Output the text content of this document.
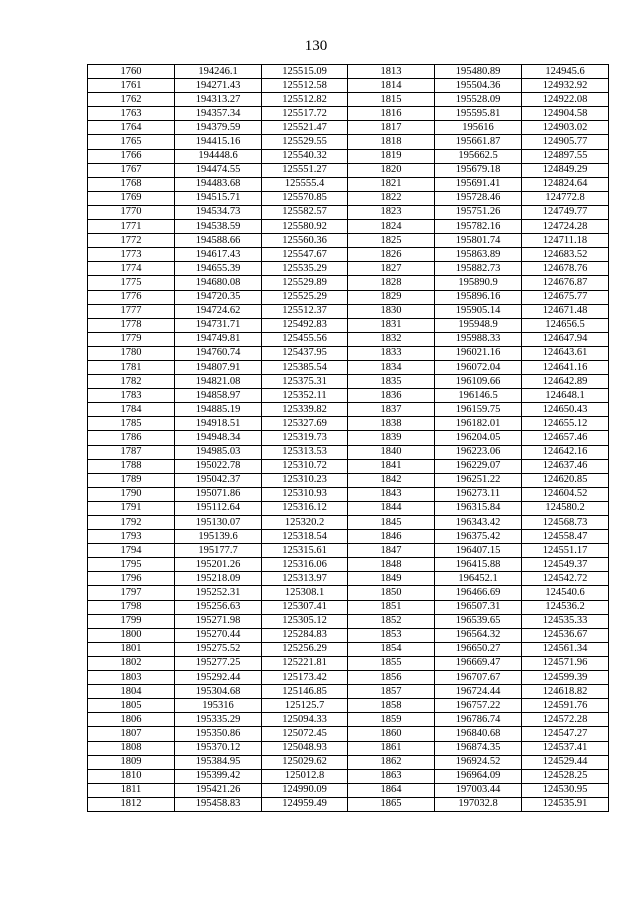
130
1760	194246.1	125515.09	1813	195480.89	124945.6
1761	194271.43	125512.58	1814	195504.36	124932.92
1762	194313.27	125512.82	1815	195528.09	124922.08
1763	194357.34	125517.72	1816	195595.81	124904.58
1764	194379.59	125521.47	1817	195616	124903.02
1765	194415.16	125529.55	1818	195661.87	124905.77
1766	194448.6	125540.32	1819	195662.5	124897.55
1767	194474.55	125551.27	1820	195679.18	124849.29
1768	194483.68	125555.4	1821	195691.41	124824.64
1769	194515.71	125570.85	1822	195728.46	124772.8
1770	194534.73	125582.57	1823	195751.26	124749.77
1771	194538.59	125580.92	1824	195782.16	124724.28
1772	194588.66	125560.36	1825	195801.74	124711.18
1773	194617.43	125547.67	1826	195863.89	124683.52
1774	194655.39	125535.29	1827	195882.73	124678.76
1775	194680.08	125529.89	1828	195890.9	124676.87
1776	194720.35	125525.29	1829	195896.16	124675.77
1777	194724.62	125512.37	1830	195905.14	124671.48
1778	194731.71	125492.83	1831	195948.9	124656.5
1779	194749.81	125455.56	1832	195988.33	124647.94
1780	194760.74	125437.95	1833	196021.16	124643.61
1781	194807.91	125385.54	1834	196072.04	124641.16
1782	194821.08	125375.31	1835	196109.66	124642.89
1783	194858.97	125352.11	1836	196146.5	124648.1
1784	194885.19	125339.82	1837	196159.75	124650.43
1785	194918.51	125327.69	1838	196182.01	124655.12
1786	194948.34	125319.73	1839	196204.05	124657.46
1787	194985.03	125313.53	1840	196223.06	124642.16
1788	195022.78	125310.72	1841	196229.07	124637.46
1789	195042.37	125310.23	1842	196251.22	124620.85
1790	195071.86	125310.93	1843	196273.11	124604.52
1791	195112.64	125316.12	1844	196315.84	124580.2
1792	195130.07	125320.2	1845	196343.42	124568.73
1793	195139.6	125318.54	1846	196375.42	124558.47
1794	195177.7	125315.61	1847	196407.15	124551.17
1795	195201.26	125316.06	1848	196415.88	124549.37
1796	195218.09	125313.97	1849	196452.1	124542.72
1797	195252.31	125308.1	1850	196466.69	124540.6
1798	195256.63	125307.41	1851	196507.31	124536.2
1799	195271.98	125305.12	1852	196539.65	124535.33
1800	195270.44	125284.83	1853	196564.32	124536.67
1801	195275.52	125256.29	1854	196650.27	124561.34
1802	195277.25	125221.81	1855	196669.47	124571.96
1803	195292.44	125173.42	1856	196707.67	124599.39
1804	195304.68	125146.85	1857	196724.44	124618.82
1805	195316	125125.7	1858	196757.22	124591.76
1806	195335.29	125094.33	1859	196786.74	124572.28
1807	195350.86	125072.45	1860	196840.68	124547.27
1808	195370.12	125048.93	1861	196874.35	124537.41
1809	195384.95	125029.62	1862	196924.52	124529.44
1810	195399.42	125012.8	1863	196964.09	124528.25
1811	195421.26	124990.09	1864	197003.44	124530.95
1812	195458.83	124959.49	1865	197032.8	124535.91
